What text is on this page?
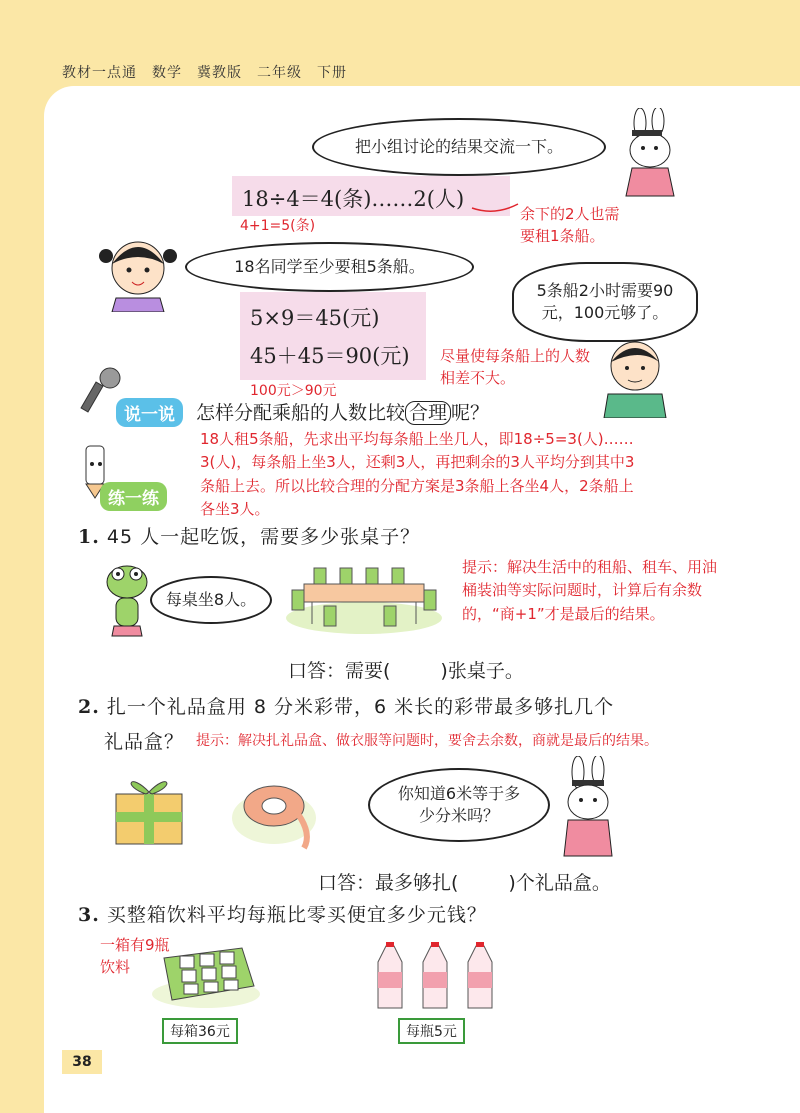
教材一点通　数学　冀教版　二年级　下册
把小组讨论的结果交流一下。
18÷4＝4(条)……2(人)
4+1=5(条)
余下的2人也需要租1条船。
18名同学至少要租5条船。
5条船2小时需要90元，100元够了。
5×9＝45(元)
45＋45＝90(元)
100元＞90元
尽量使每条船上的人数相差不大。
说一说	怎样分配乘船的人数比较 合理 呢？
18人租5条船，先求出平均每条船上坐几人，即18÷5=3(人)……3(人)，每条船上坐3人，还剩3人，再把剩余的3人平均分到其中3条船上去。所以比较合理的分配方案是3条船上各坐4人，2条船上各坐3人。
练一练
1. 45 人一起吃饭，需要多少张桌子？
每桌坐8人。
提示：解决生活中的租船、租车、用油桶装油等实际问题时，计算后有余数的，“商+1”才是最后的结果。
口答：需要(	)张桌子。
2. 扎一个礼品盒用 8 分米彩带，6 米长的彩带最多够扎几个
礼品盒？ 提示：解决扎礼品盒、做衣服等问题时，要舍去余数，商就是最后的结果。
你知道6米等于多少分米吗？
口答：最多够扎(	)个礼品盒。
3. 买整箱饮料平均每瓶比零买便宜多少元钱？
一箱有9瓶饮料
每箱36元	每瓶5元
38
